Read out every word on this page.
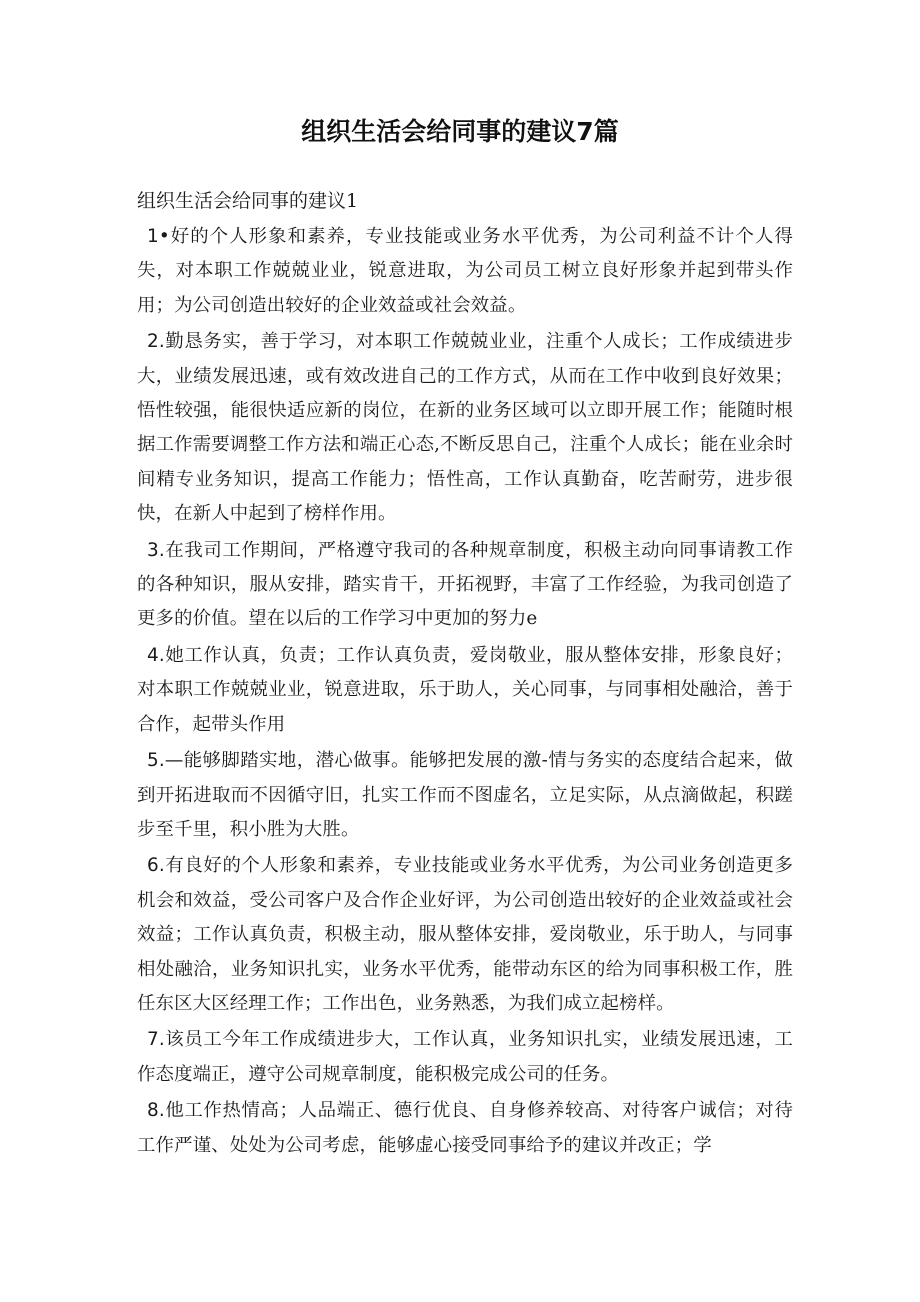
组织生活会给同事的建议7篇
组织生活会给同事的建议1

1•好的个人形象和素养，专业技能或业务水平优秀，为公司利益不计个人得失，对本职工作兢兢业业，锐意进取，为公司员工树立良好形象并起到带头作用；为公司创造出较好的企业效益或社会效益。

2.勤恳务实，善于学习，对本职工作兢兢业业，注重个人成长；工作成绩进步大，业绩发展迅速，或有效改进自己的工作方式，从而在工作中收到良好效果；悟性较强，能很快适应新的岗位，在新的业务区域可以立即开展工作；能随时根据工作需要调整工作方法和端正心态,不断反思自己，注重个人成长；能在业余时间精专业务知识，提高工作能力；悟性高，工作认真勤奋，吃苦耐劳，进步很快，在新人中起到了榜样作用。

3.在我司工作期间，严格遵守我司的各种规章制度，积极主动向同事请教工作的各种知识，服从安排，踏实肯干，开拓视野，丰富了工作经验，为我司创造了更多的价值。望在以后的工作学习中更加的努力e

4.她工作认真，负责；工作认真负责，爱岗敬业，服从整体安排，形象良好；对本职工作兢兢业业，锐意进取，乐于助人，关心同事，与同事相处融洽，善于合作，起带头作用

5.—能够脚踏实地，潜心做事。能够把发展的激-情与务实的态度结合起来，做到开拓进取而不因循守旧，扎实工作而不图虚名，立足实际，从点滴做起，积蹉步至千里，积小胜为大胜。

6.有良好的个人形象和素养，专业技能或业务水平优秀，为公司业务创造更多机会和效益，受公司客户及合作企业好评，为公司创造出较好的企业效益或社会效益；工作认真负责，积极主动，服从整体安排，爱岗敬业，乐于助人，与同事相处融洽，业务知识扎实，业务水平优秀，能带动东区的给为同事积极工作，胜任东区大区经理工作；工作出色，业务熟悉，为我们成立起榜样。

7.该员工今年工作成绩进步大，工作认真，业务知识扎实，业绩发展迅速，工作态度端正，遵守公司规章制度，能积极完成公司的任务。

8.他工作热情高；人品端正、德行优良、自身修养较高、对待客户诚信；对待工作严谨、处处为公司考虑，能够虚心接受同事给予的建议并改正；学
